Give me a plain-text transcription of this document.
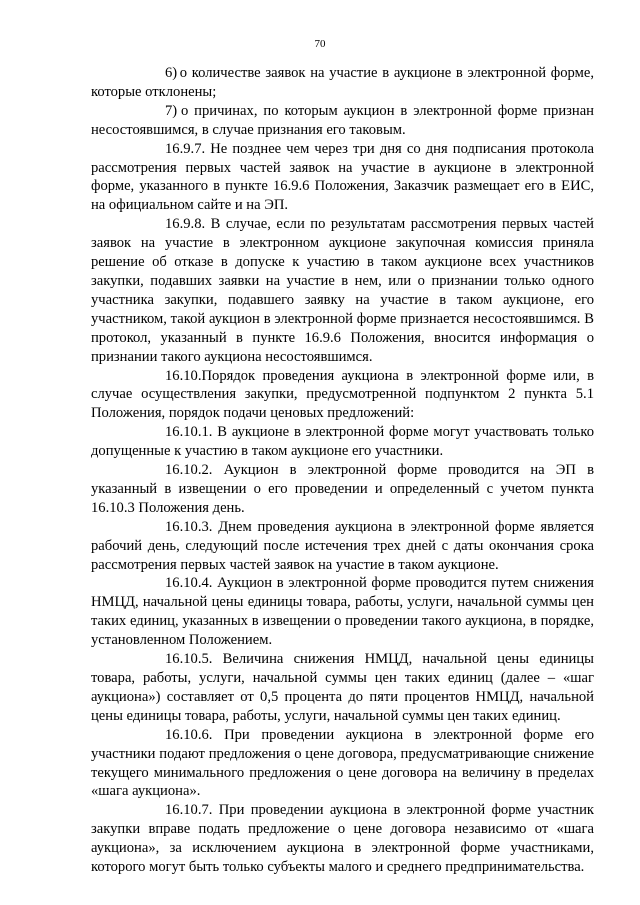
70

6) о количестве заявок на участие в аукционе в электронной форме, которые отклонены;

7) о причинах, по которым аукцион в электронной форме признан несостоявшимся, в случае признания его таковым.

16.9.7. Не позднее чем через три дня со дня подписания протокола рассмотрения первых частей заявок на участие в аукционе в электронной форме, указанного в пункте 16.9.6 Положения, Заказчик размещает его в ЕИС, на официальном сайте и на ЭП.

16.9.8. В случае, если по результатам рассмотрения первых частей заявок на участие в электронном аукционе закупочная комиссия приняла решение об отказе в допуске к участию в таком аукционе всех участников закупки, подавших заявки на участие в нем, или о признании только одного участника закупки, подавшего заявку на участие в таком аукционе, его участником, такой аукцион в электронной форме признается несостоявшимся. В протокол, указанный в пункте 16.9.6 Положения, вносится информация о признании такого аукциона несостоявшимся.

16.10.Порядок проведения аукциона в электронной форме или, в случае осуществления закупки, предусмотренной подпунктом 2 пункта 5.1 Положения, порядок подачи ценовых предложений:

16.10.1. В аукционе в электронной форме могут участвовать только допущенные к участию в таком аукционе его участники.

16.10.2. Аукцион в электронной форме проводится на ЭП в указанный в извещении о его проведении и определенный с учетом пункта 16.10.3 Положения день.

16.10.3. Днем проведения аукциона в электронной форме является рабочий день, следующий после истечения трех дней с даты окончания срока рассмотрения первых частей заявок на участие в таком аукционе.

16.10.4. Аукцион в электронной форме проводится путем снижения НМЦД, начальной цены единицы товара, работы, услуги, начальной суммы цен таких единиц, указанных в извещении о проведении такого аукциона, в порядке, установленном Положением.

16.10.5. Величина снижения НМЦД, начальной цены единицы товара, работы, услуги, начальной суммы цен таких единиц (далее – «шаг аукциона») составляет от 0,5 процента до пяти процентов НМЦД, начальной цены единицы товара, работы, услуги, начальной суммы цен таких единиц.

16.10.6. При проведении аукциона в электронной форме его участники подают предложения о цене договора, предусматривающие снижение текущего минимального предложения о цене договора на величину в пределах «шага аукциона».

16.10.7. При проведении аукциона в электронной форме участник закупки вправе подать предложение о цене договора независимо от «шага аукциона», за исключением аукциона в электронной форме участниками, которого могут быть только субъекты малого и среднего предпринимательства.
